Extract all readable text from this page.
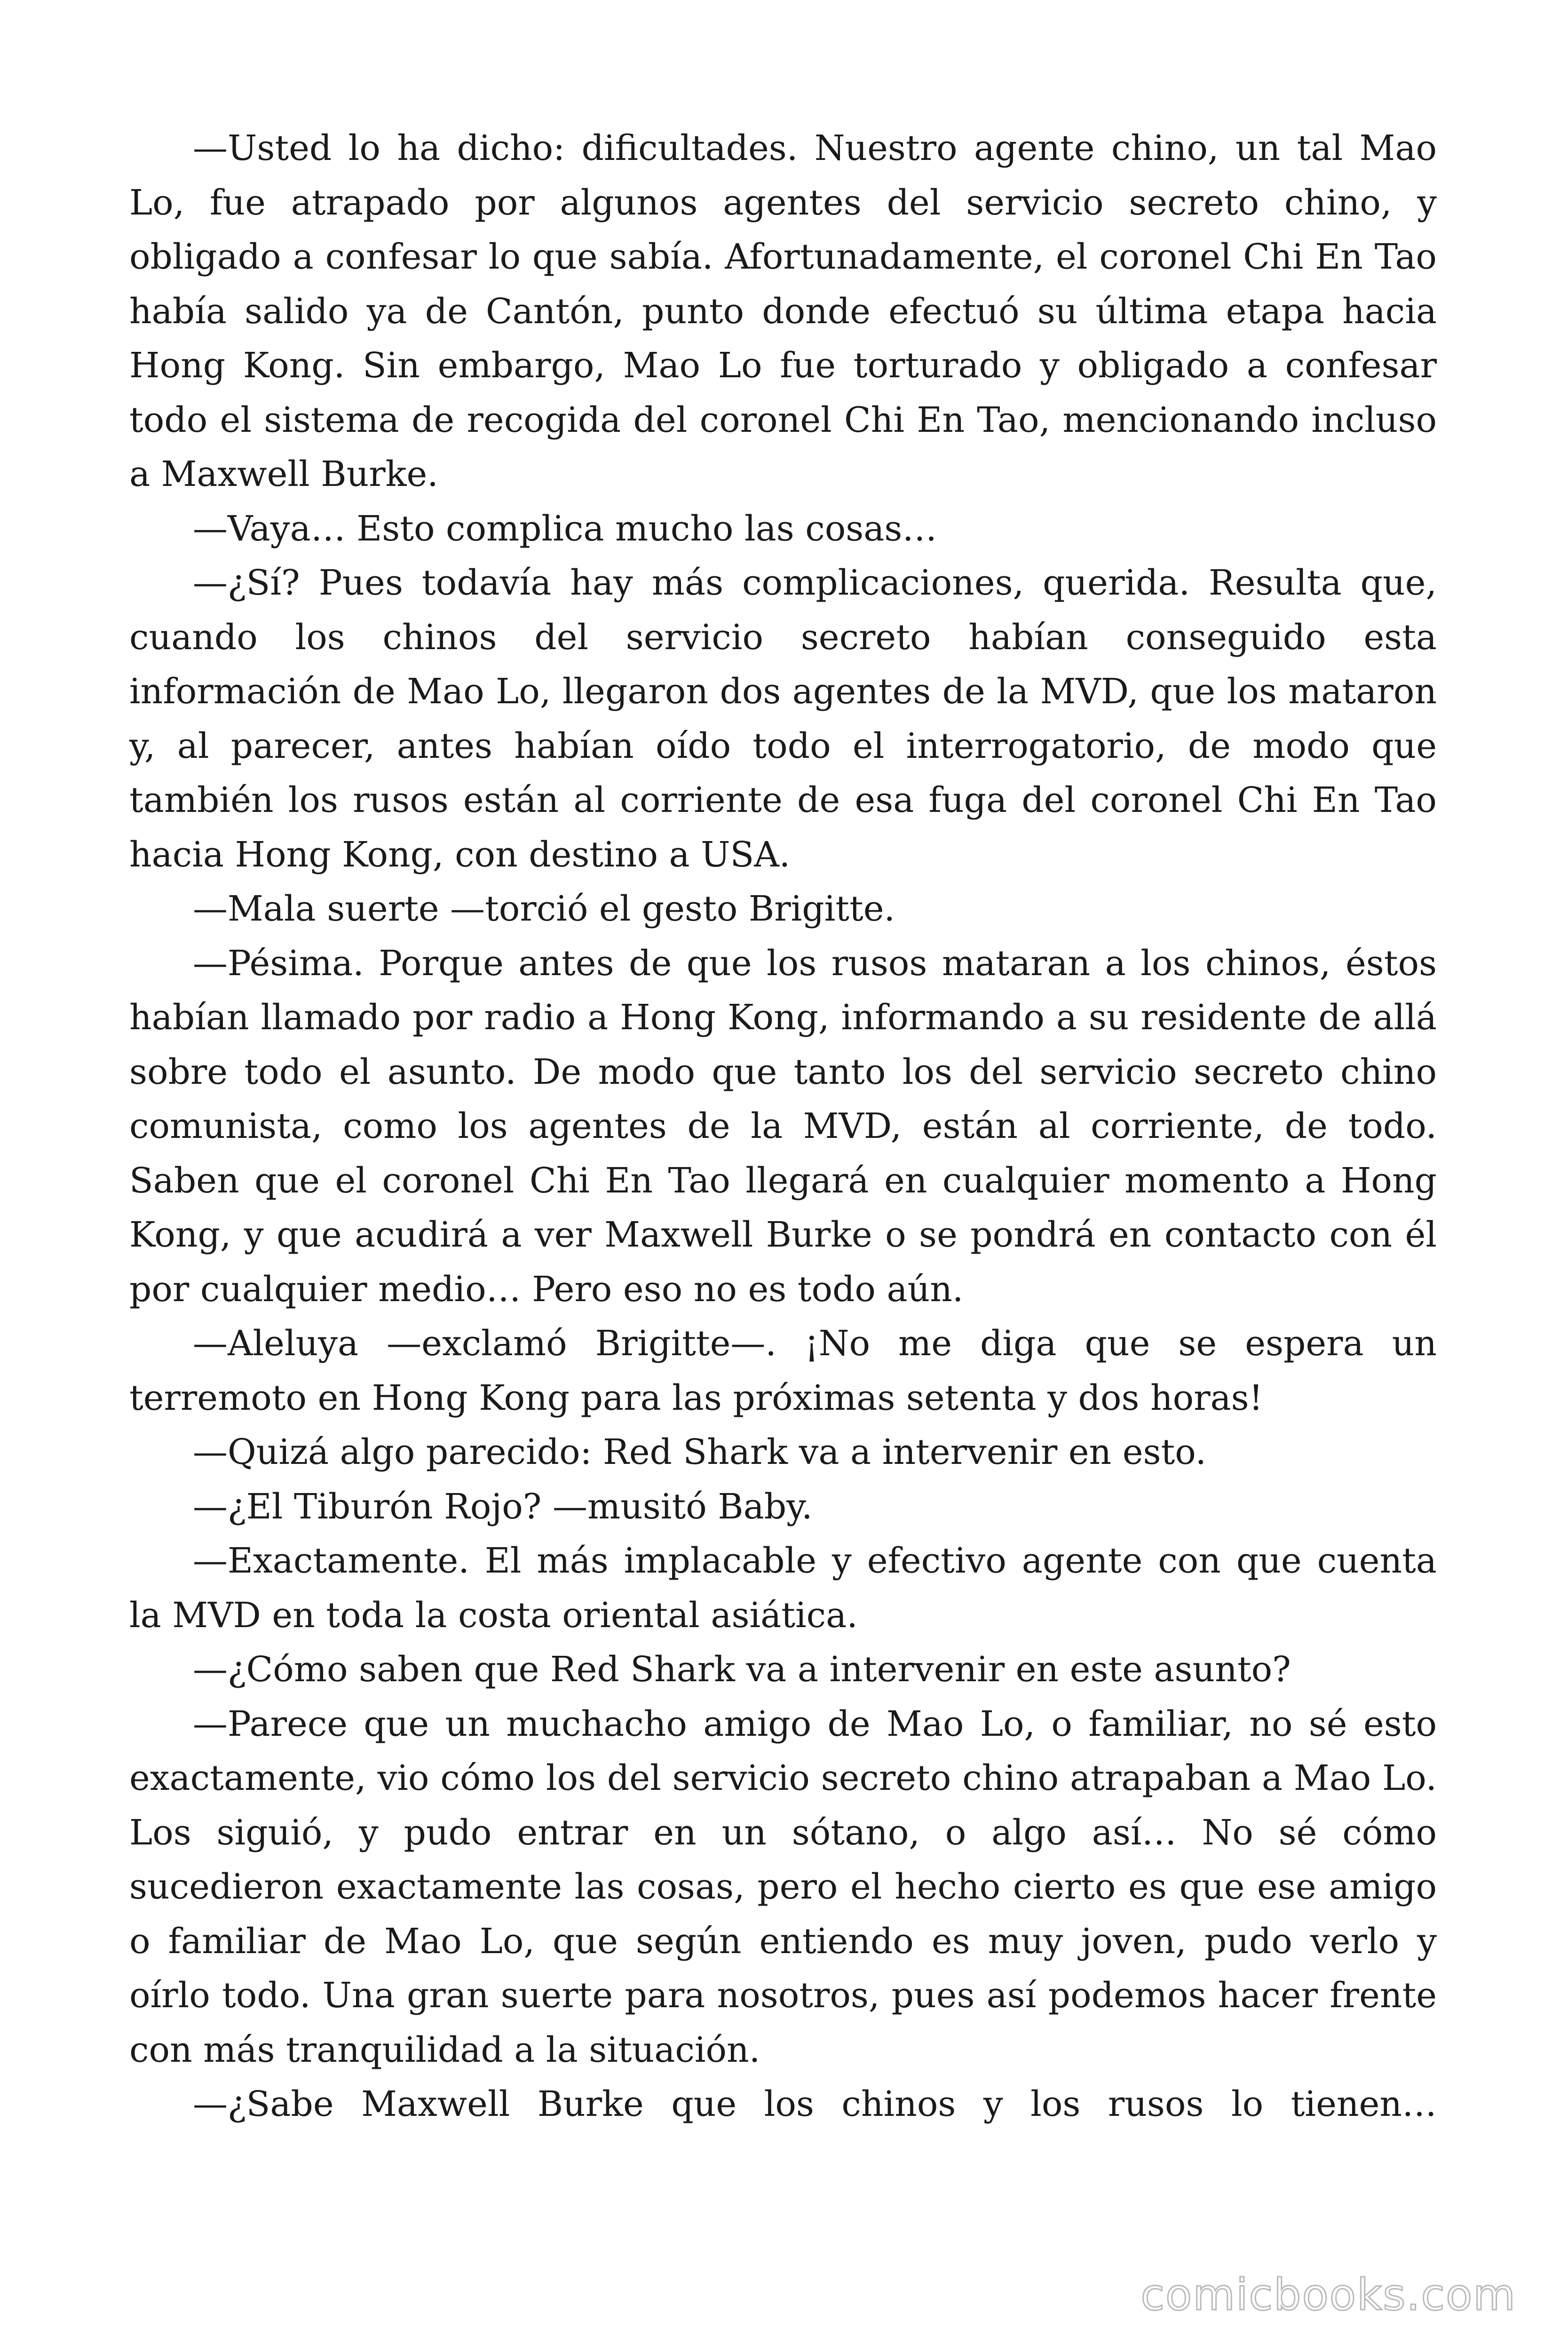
—Usted lo ha dicho: dificultades. Nuestro agente chino, un tal Mao Lo, fue atrapado por algunos agentes del servicio secreto chino, y obligado a confesar lo que sabía. Afortunadamente, el coronel Chi En Tao había salido ya de Cantón, punto donde efectuó su última etapa hacia Hong Kong. Sin embargo, Mao Lo fue torturado y obligado a confesar todo el sistema de recogida del coronel Chi En Tao, mencionando incluso a Maxwell Burke.

—Vaya… Esto complica mucho las cosas…

—¿Sí? Pues todavía hay más complicaciones, querida. Resulta que, cuando los chinos del servicio secreto habían conseguido esta información de Mao Lo, llegaron dos agentes de la MVD, que los mataron y, al parecer, antes habían oído todo el interrogatorio, de modo que también los rusos están al corriente de esa fuga del coronel Chi En Tao hacia Hong Kong, con destino a USA.

—Mala suerte —torció el gesto Brigitte.

—Pésima. Porque antes de que los rusos mataran a los chinos, éstos habían llamado por radio a Hong Kong, informando a su residente de allá sobre todo el asunto. De modo que tanto los del servicio secreto chino comunista, como los agentes de la MVD, están al corriente, de todo. Saben que el coronel Chi En Tao llegará en cualquier momento a Hong Kong, y que acudirá a ver Maxwell Burke o se pondrá en contacto con él por cualquier medio… Pero eso no es todo aún.

—Aleluya —exclamó Brigitte—. ¡No me diga que se espera un terremoto en Hong Kong para las próximas setenta y dos horas!

—Quizá algo parecido: Red Shark va a intervenir en esto.

—¿El Tiburón Rojo? —musitó Baby.

—Exactamente. El más implacable y efectivo agente con que cuenta la MVD en toda la costa oriental asiática.

—¿Cómo saben que Red Shark va a intervenir en este asunto?

—Parece que un muchacho amigo de Mao Lo, o familiar, no sé esto exactamente, vio cómo los del servicio secreto chino atrapaban a Mao Lo. Los siguió, y pudo entrar en un sótano, o algo así… No sé cómo sucedieron exactamente las cosas, pero el hecho cierto es que ese amigo o familiar de Mao Lo, que según entiendo es muy joven, pudo verlo y oírlo todo. Una gran suerte para nosotros, pues así podemos hacer frente con más tranquilidad a la situación.

—¿Sabe Maxwell Burke que los chinos y los rusos lo tienen…

comicbooks.com
